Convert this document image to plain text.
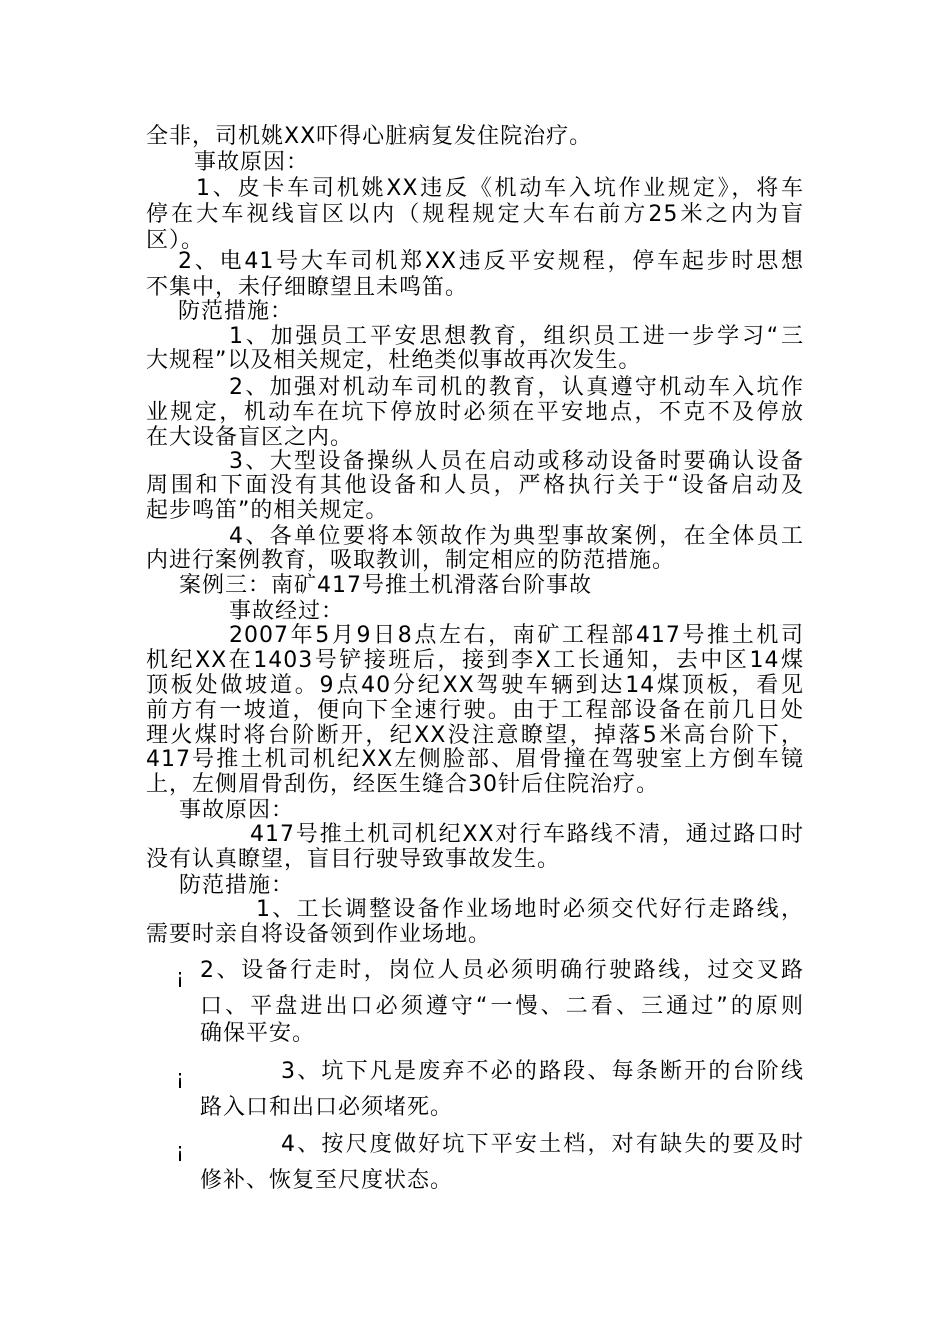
全非，司机姚XX吓得心脏病复发住院治疗。
事故原因：
1、皮卡车司机姚XX违反《机动车入坑作业规定》，将车
停在大车视线盲区以内（规程规定大车右前方25米之内为盲
区）。
2、电41号大车司机郑XX违反平安规程，停车起步时思想
不集中，未仔细瞭望且未鸣笛。
防范措施：
1、加强员工平安思想教育，组织员工进一步学习“三
大规程”以及相关规定，杜绝类似事故再次发生。
2、加强对机动车司机的教育，认真遵守机动车入坑作
业规定，机动车在坑下停放时必须在平安地点，不克不及停放
在大设备盲区之内。
3、大型设备操纵人员在启动或移动设备时要确认设备
周围和下面没有其他设备和人员，严格执行关于“设备启动及
起步鸣笛”的相关规定。
4、各单位要将本领故作为典型事故案例，在全体员工
内进行案例教育，吸取教训，制定相应的防范措施。
案例三：南矿417号推土机滑落台阶事故
事故经过：
2007年5月9日8点左右，南矿工程部417号推土机司
机纪XX在1403号铲接班后，接到李X工长通知，去中区14煤
顶板处做坡道。9点40分纪XX驾驶车辆到达14煤顶板，看见
前方有一坡道，便向下全速行驶。由于工程部设备在前几日处
理火煤时将台阶断开，纪XX没注意瞭望，掉落5米高台阶下，
417号推土机司机纪XX左侧脸部、眉骨撞在驾驶室上方倒车镜
上，左侧眉骨刮伤，经医生缝合30针后住院治疗。
事故原因：
417号推土机司机纪XX对行车路线不清，通过路口时
没有认真瞭望，盲目行驶导致事故发生。
防范措施：
1、工长调整设备作业场地时必须交代好行走路线，
需要时亲自将设备领到作业场地。
¡ 2、设备行走时，岗位人员必须明确行驶路线，过交叉路
口、平盘进出口必须遵守“一慢、二看、三通过”的原则
确保平安。
¡	3、坑下凡是废弃不必的路段、每条断开的台阶线
路入口和出口必须堵死。
¡	4、按尺度做好坑下平安土档，对有缺失的要及时
修补、恢复至尺度状态。
